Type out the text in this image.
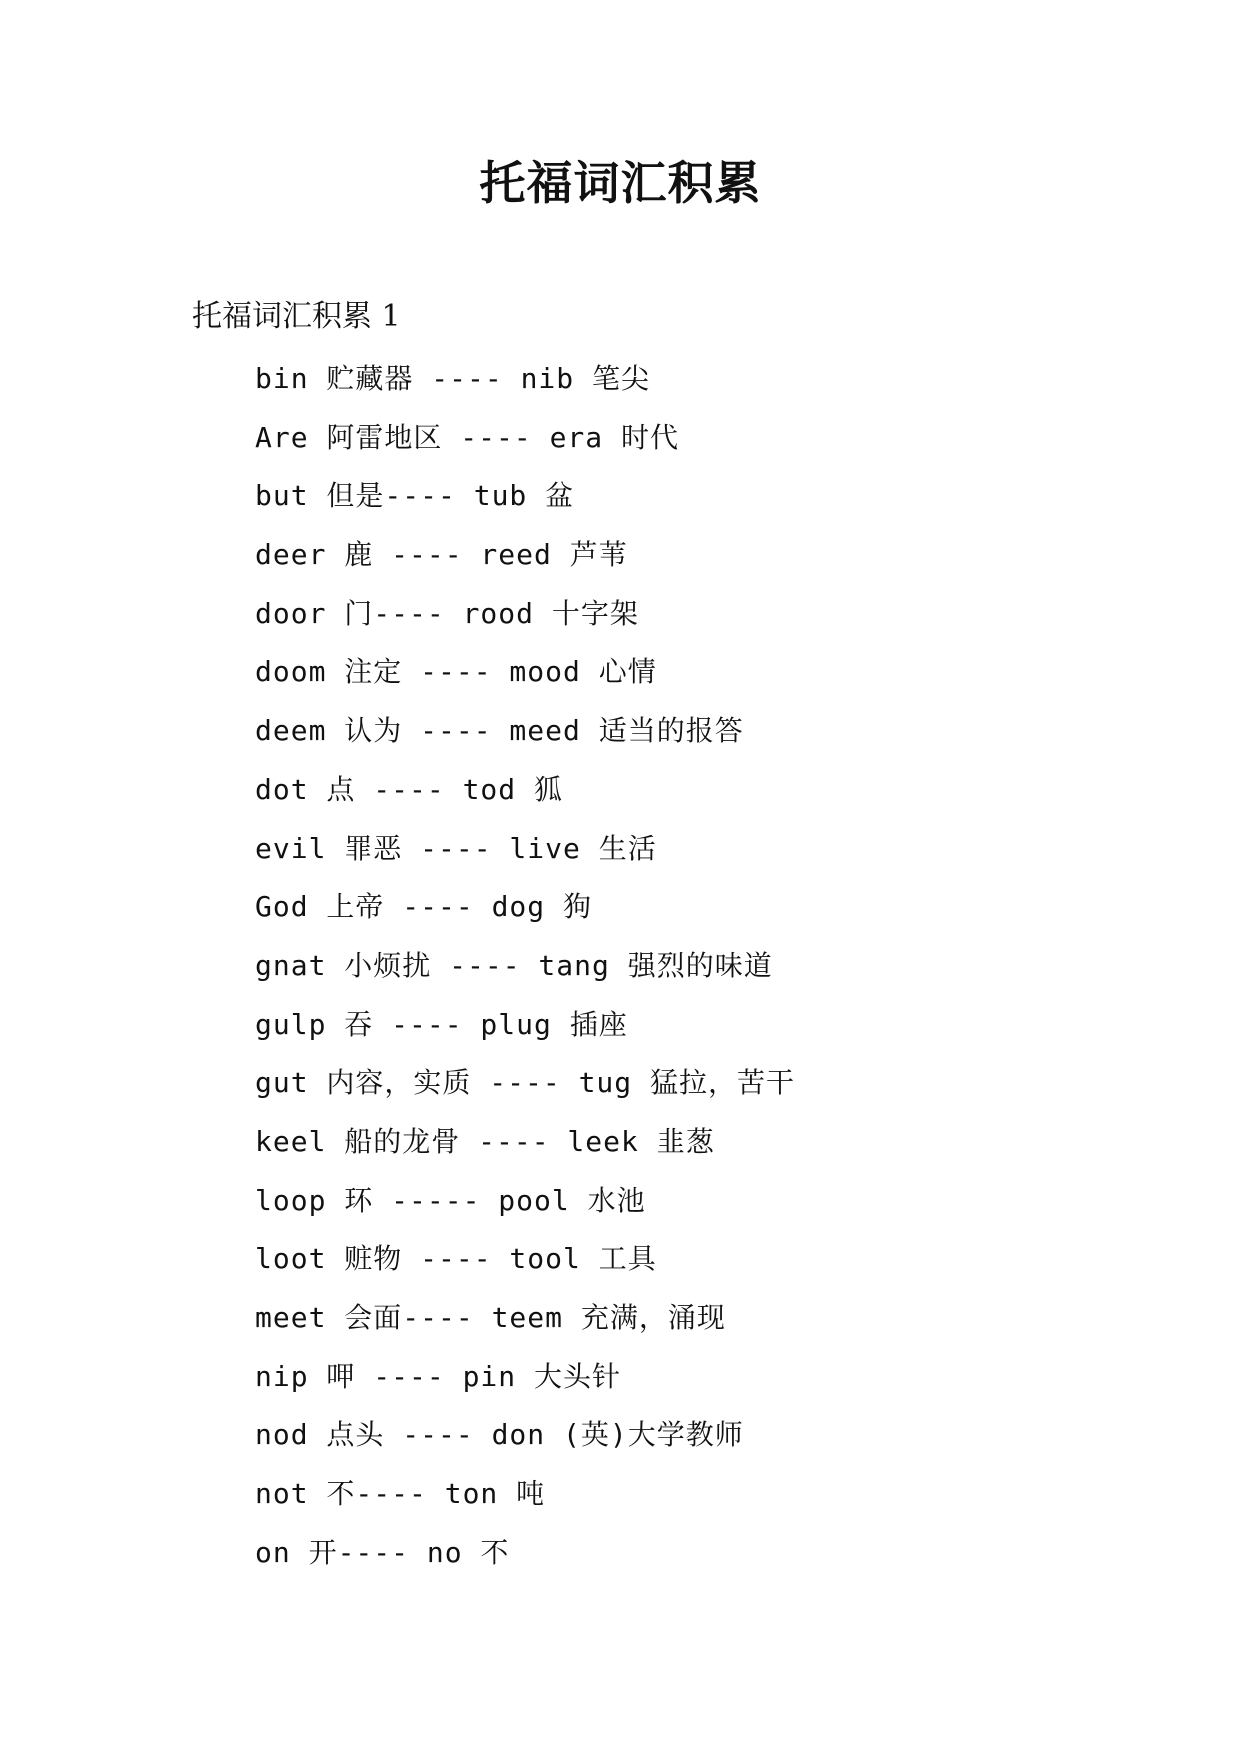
托福词汇积累

托福词汇积累 1

bin 贮藏器 ---- nib 笔尖
Are 阿雷地区 ---- era 时代
but 但是---- tub 盆
deer 鹿 ---- reed 芦苇
door 门---- rood 十字架
doom 注定 ---- mood 心情
deem 认为 ---- meed 适当的报答
dot 点 ---- tod 狐
evil 罪恶 ---- live 生活
God 上帝 ---- dog 狗
gnat 小烦扰 ---- tang 强烈的味道
gulp 吞 ---- plug 插座
gut 内容，实质 ---- tug 猛拉，苦干
keel 船的龙骨 ---- leek 韭葱
loop 环 ----- pool 水池
loot 赃物 ---- tool 工具
meet 会面---- teem 充满，涌现
nip 呷 ---- pin 大头针
nod 点头 ---- don (英)大学教师
not 不---- ton 吨
on 开---- no 不
